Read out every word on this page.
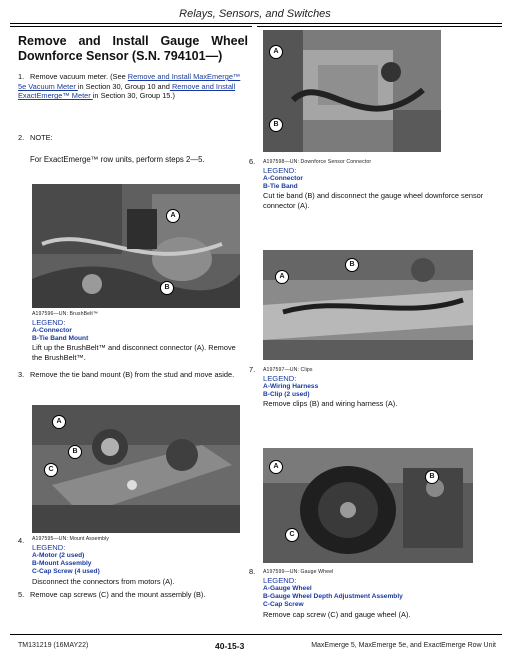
Relays, Sensors, and Switches
Remove and Install Gauge Wheel Downforce Sensor (S.N. 794101—)
1. Remove vacuum meter. (See Remove and Install MaxEmerge™ 5e Vacuum Meter in Section 30, Group 10 and Remove and Install ExactEmerge™ Meter in Section 30, Group 15.)
2. NOTE:
For ExactEmerge™ row units, perform steps 2—5.
A
B
A197596—UN: BrushBelt™
LEGEND:
A-Connector
B-Tie Band Mount
Lift up the BrushBelt™ and disconnect connector (A). Remove the BrushBelt™.
3. Remove the tie band mount (B) from the stud and move aside.
A
B
C
4. A197595—UN: Mount Assembly
LEGEND:
A-Motor (2 used)
B-Mount Assembly
C-Cap Screw (4 used)
Disconnect the connectors from motors (A).
5. Remove cap screws (C) and the mount assembly (B).
A
B
6. A197598—UN: Downforce Sensor Connector
LEGEND:
A-Connector
B-Tie Band
Cut tie band (B) and disconnect the gauge wheel downforce sensor connector (A).
A
B
7. A197597—UN: Clips
LEGEND:
A-Wiring Harness
B-Clip (2 used)
Remove clips (B) and wiring harness (A).
A
B
C
8. A197599—UN: Gauge Wheel
LEGEND:
A-Gauge Wheel
B-Gauge Wheel Depth Adjustment Assembly
C-Cap Screw
Remove cap screw (C) and gauge wheel (A).
TM131219 (16MAY22)	40-15-3	MaxEmerge 5, MaxEmerge 5e, and ExactEmerge Row Unit
